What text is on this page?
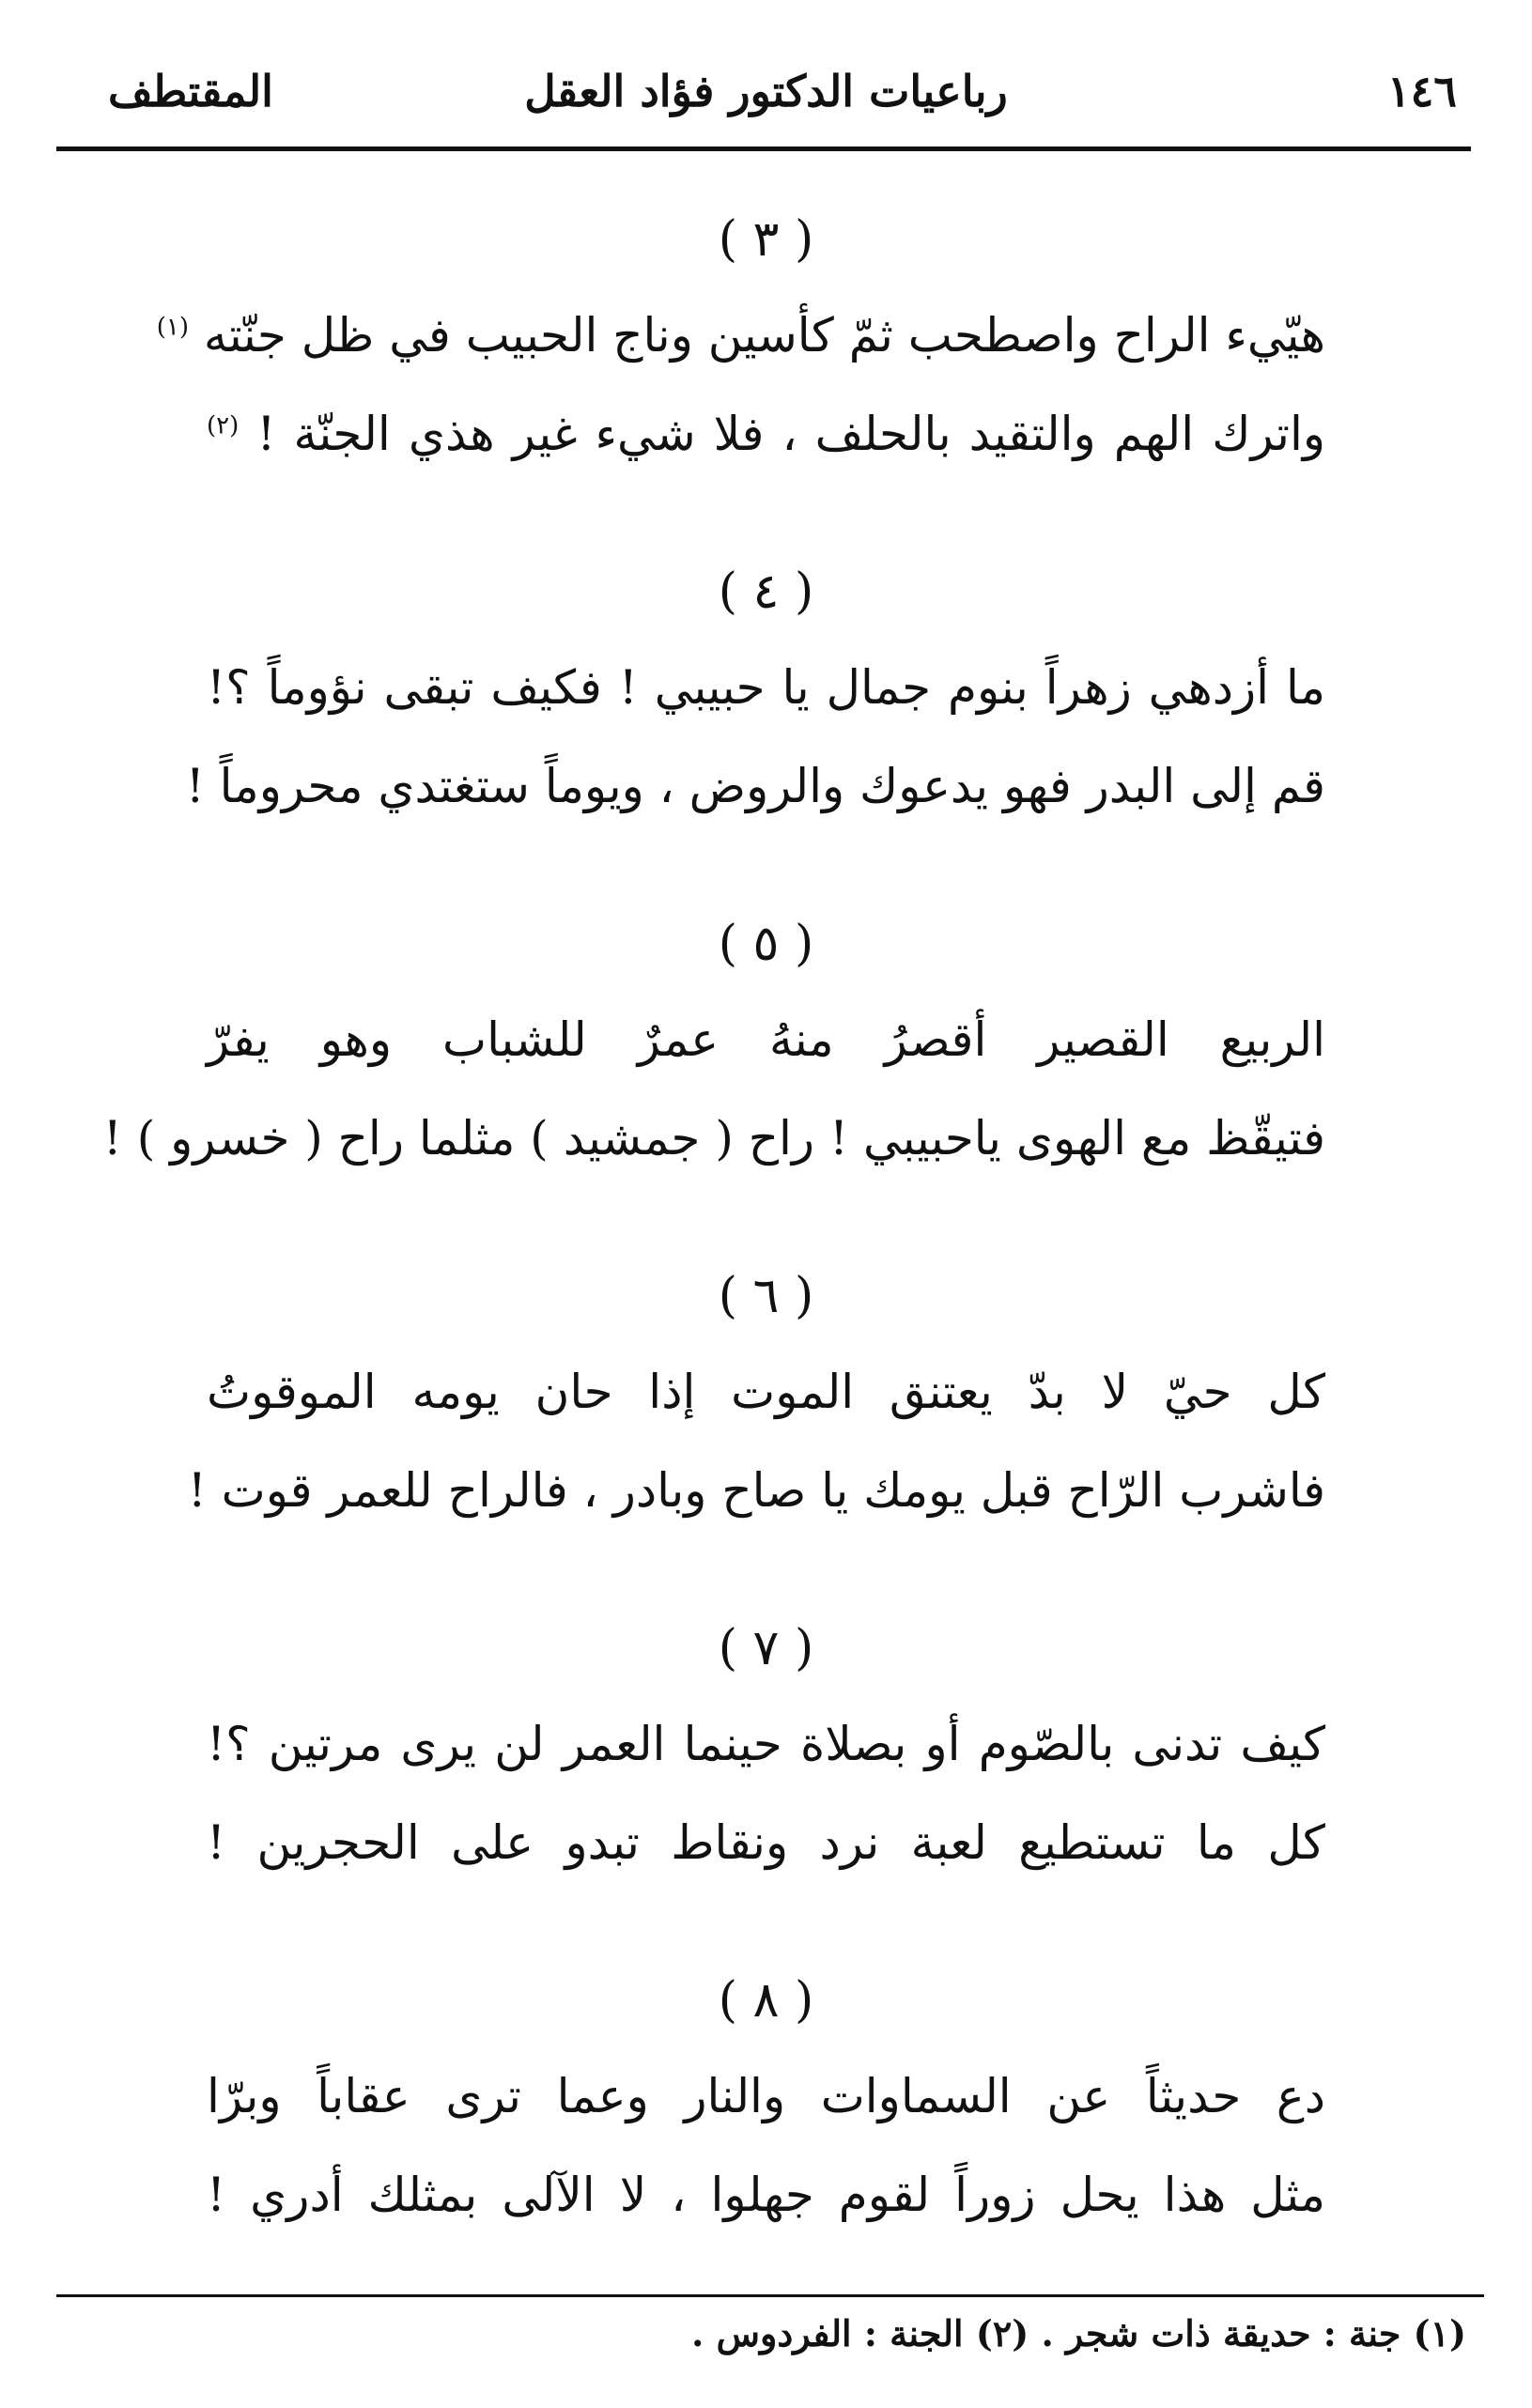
١٤٦
رباعيات الدكتور فؤاد العقل
المقتطف
( ٣ )
هيّيء الراح واصطحب ثمّ كأسين وناج الحبيب في ظل جنّته $^{(١)}$
واترك الهم والتقيد بالحلف ، فلا شيء غير هذي الجنّة ! $^{(٢)}$
( ٤ )
ما أزدهي زهراً بنوم جمال يا حبيبي ! فكيف تبقى نؤوماً ؟!
قم إلى البدر فهو يدعوك والروض ، ويوماً ستغتدي محروماً !
( ٥ )
الربيع القصير أقصرُ منهُ عمرٌ للشباب وهو يفرّ
فتيقّظ مع الهوى ياحبيبي ! راح ( جمشيد ) مثلما راح ( خسرو ) !
( ٦ )
كل حيّ لا بدّ يعتنق الموت إذا حان يومه الموقوتُ
فاشرب الرّاح قبل يومك يا صاح وبادر ، فالراح للعمر قوت !
( ٧ )
كيف تدنى بالصّوم أو بصلاة حينما العمر لن يرى مرتين ؟!
كل ما تستطيع لعبة نرد ونقاط تبدو على الحجرين !
( ٨ )
دع حديثاً عن السماوات والنار وعما ترى عقاباً وبرّا
مثل هذا يحل زوراً لقوم جهلوا ، لا الآلى بمثلك أدري !
(١) جنة : حديقة ذات شجر . (٢) الجنة : الفردوس .
